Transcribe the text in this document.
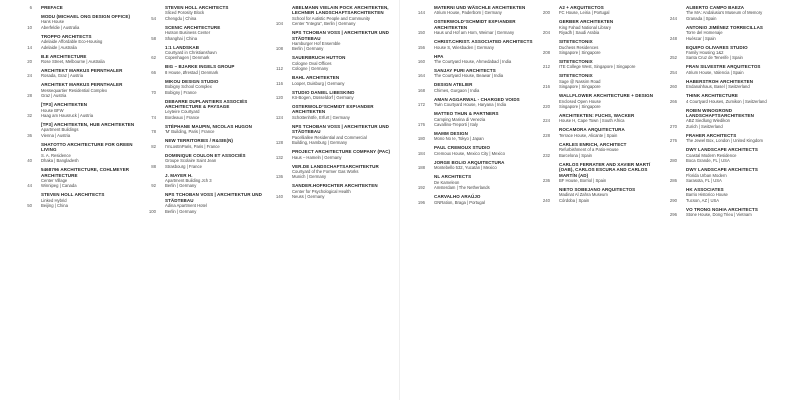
6 PREFACE
MODU (MICHAEL ONG DESIGN OFFICE)
Hans House
10 Aberfeldie | Australia
TROPPO ARCHITECTS
Adelaide Affordable Eco-Housing
14 Adelaide | Australia
B.E ARCHITECTURE
20 Rose Street, Melbourne | Australia
ARCHITEKT MARKUS PERNTHALER
24 Rosada, Graz | Austria
ARCHITEKT MARKUS PERNTHALER
Messequartier Residential Complex
28 Graz | Austria
[TP3] ARCHITEKTEN
House BFW
32 Haag am Hausruck | Austria
[TP3] ARCHITEKTEN, HUB ARCHITEKTEN
Apartment Buildings
36 Vienna | Austria
SHATOTTO ARCHITECTURE FOR GREEN LIVING
S. A. Residence
40 Dhaka | Bangladesh
5468796 ARCHITECTURE, COHLMEYER ARCHITECTURE
Center Village
44 Winnipeg | Canada
STEVEN HOLL ARCHITECTS
Linked Hybrid
50 Beijing | China
STEVEN HOLL ARCHITECTS
Sliced Porosity Block
54 Chengdu | China
SCENIC ARCHITECTURE
Hutson Business Center
58 Shanghai | China
1:1 LANDSKAB
Courtyard in Christianshavn
62 Copenhagen | Denmark
BIG – BJARKE INGELS GROUP
66 8 House, Ørestad | Denmark
MIKOU DESIGN STUDIO
Bobigny School Complex
70 Bobigny | France
DEBARRE DUPLANTIERS ASSOCIÉS ARCHITECTURE & PAYSAGE
Leyteire Courtyard
74 Bordeaux | France
STÉPHANE MAUPIN, NICOLAS HUGON
78 'M' Building, Paris | France
NEW TERRITORIES / R&SIE(N)
82 I'mLostInParis, Paris | France
DOMINIQUE COULON ET ASSOCIÉS
Groupe Scolaire Saint Jean
88 Strasbourg | France
J. MAYER H.
Apartment Building Jch 3
92 Berlin | Germany
NPS TCHOBAN VOSS | ARCHITEKTUR UND STÄDTEBAU
Adina Apartment Hotel
100 Berlin | Germany
ABELMANN VIELAIN POCK ARCHITEKTEN, LECHNER LANDSCHAFTSARCHITEKTEN
School for Autistic People and Community
104 Center "Integra", Berlin | Germany
NPS TCHOBAN VOSS | ARCHITEKTUR UND STÄDTEBAU
Hamburger Hof Ensemble
108 Berlin | Germany
SAUERBRUCH HUTTON
Cologne Oval Offices
112 Cologne | Germany
BAHL ARCHITEKTEN
116 Looper, Duisburg | Germany
STUDIO DANIEL LIBESKIND
120 Kö-Bogen, Düsseldorf | Germany
OSTERWOLD°SCHMIDT EXP!ANDER ARCHITEKTEN
124 Schottenhöfe, Erfurt | Germany
NPS TCHOBAN VOSS | ARCHITEKTUR UND STÄDTEBAU
Pacelliallee Residential and Commercial
128 Building, Hamburg | Germany
PROJECT ARCHITECTURE COMPANY (PAC)
132 Haus – Hameln | Germany
VER.DE LANDSCHAFTSARCHITEKTUR
Courtyard of the Former Gas Works
136 Munich | Germany
SANDER.HOFRICHTER ARCHITEKTEN
Center for Psychological Health
140 Neuss | Germany
MATERNI UND WÄSCHLE ARCHITEKTEN
144 Atrium House, Paderborn | Germany
OSTERWOLD°SCHMIDT EXP!ANDER ARCHITEKTEN
150 Haus und Hof am Horn, Weimar | Germany
CHRIST.CHRIST. ASSOCIATED ARCHITECTS
156 House S, Wiesbaden | Germany
HPA
160 The Courtyard House, Ahmedabad | India
SANJAY PURI ARCHITECTS
164 The Courtyard House, Beawar | India
DESIGN ATELIER
168 Chimes, Gurgaon | India
AMAN AGGARWAL - CHARGED VOIDS
172 Twin Courtyard House, Haryana | India
MATTEO THUN & PARTNERS
Camping Marina di Venezia
176 Cavallino-Treporti | Italy
MAMM DESIGN
180 Mono No Ie, Tokyo | Japan
PAUL CREMOUX STUDIO
184 Cremoux House, Mexico City | Mexico
JORGE BOLIO ARQUITECTURA
188 Montebello 532, Yucatán | Mexico
NL ARCHITECTS
De Kameleon
192 Amsterdam | The Netherlands
CARVALHO ARAÚJO
196 GNRation, Braga | Portugal
A2 + ARQUITECTOS
200 FC House, Leiria | Portugal
GERBER ARCHITEKTEN
King Fahad National Library
204 Riyadh | Saudi Arabia
SITETECTONIX
Duchess Residences
208 Singapore | Singapore
SITETECTONIX
212 ITE College West, Singapore | Singapore
SITETECTONIX
Sage @ Nassim Road
216 Singapore | Singapore
WALLFLOWER ARCHITECTURE + DESIGN
Enclosed Open House
220 Singapore | Singapore
ARCHITEKTEN: FUCHS, WACKER
224 House H, Cape Town | South Africa
ROCAMORA ARQUITECTURA
228 Terrace House, Alicante | Spain
CARLES ENRICH, ARCHITECT
Refurbishment of a Patio-House
232 Barcelona | Spain
CARLOS FERRATER AND XAVIER MARTÍ (OAB), CARLOS ESCURA AND CARLOS MARTÍN (AD)
236 BF House, Borriol | Spain
NIETO SOBEJANO ARQUITECTOS
Madinat Al Zahra Museum
240 Córdoba | Spain
ALBERTO CAMPO BAEZA
The MA: Andalusia's Museum of Memory
244 Granada | Spain
ANTONIO JIMÉNEZ TORRECILLAS
Torre del Homenaje
248 Huéscar | Spain
EQUIPO OLIVARES STUDIO
Family Housing 1&2
252 Santa Cruz de Tenerife | Spain
FRAN SILVESTRE ARQUITECTOS
254 Atrium House, Valencia | Spain
HABERSTROH ARCHITEKTEN
260 Endanahhaus, Basel | Switzerland
THINK ARCHITECTURE
266 4 Courtyard Houses, Zumikon | Switzerland
ROBIN WINOGROND LANDSCHAFTSARCHITEKTEN
ABZ Siedlung Wiedikon
270 Zurich | Switzerland
FRAHER ARCHITECTS
276 The Jewel Box, London | United Kingdom
DWY LANDSCAPE ARCHITECTS
Coastal Modern Residence
280 Boca Grande, FL | USA
DWY LANDSCAPE ARCHITECTS
Florida Urban Modern
286 Sarasota, FL | USA
HK ASSOCIATES
Barrio Historico House
290 Tucson, AZ | USA
VO TRONG NGHIA ARCHITECTS
296 Stone House, Dong Trieu | Vietnam
